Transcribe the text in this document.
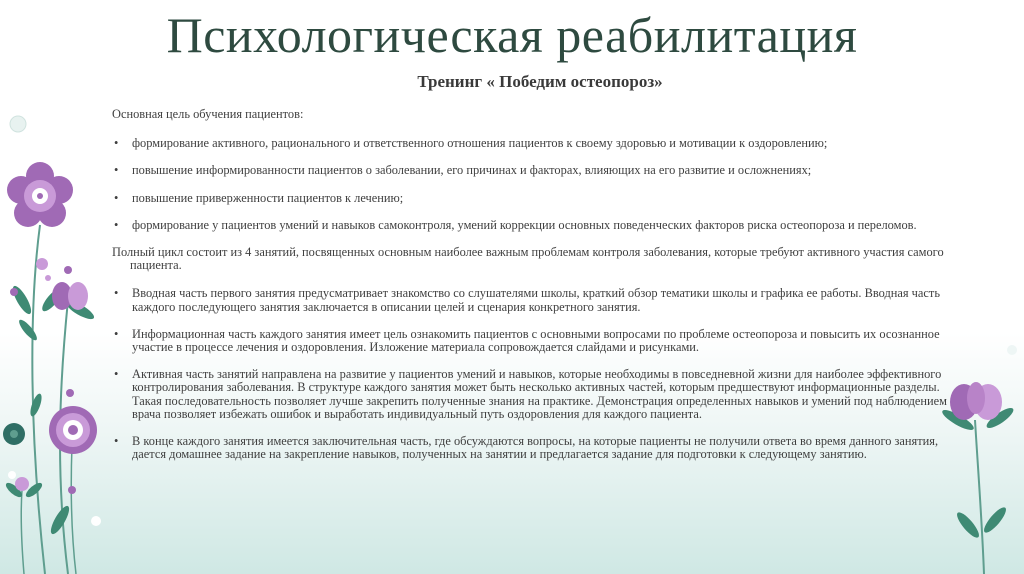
Психологическая реабилитация
Тренинг « Победим остеопороз»

Основная цель обучения пациентов:

•	формирование активного, рационального и ответственного отношения пациентов к своему здоровью и мотивации к оздоровлению;
•	повышение информированности пациентов о заболевании, его причинах и факторах, влияющих на его развитие и осложнениях;
•	повышение приверженности пациентов к лечению;
•	формирование у пациентов умений и навыков самоконтроля, умений коррекции основных поведенческих факторов риска остеопороза и переломов.

Полный цикл состоит из 4 занятий, посвященных основным наиболее важным проблемам контроля заболевания, которые требуют активного участия самого пациента.

•	Вводная часть первого занятия предусматривает знакомство со слушателями школы, краткий обзор тематики школы и графика ее работы. Вводная часть каждого последующего занятия заключается в описании целей и сценария конкретного занятия.
•	Информационная часть каждого занятия имеет цель ознакомить пациентов с основными вопросами по проблеме остеопороза и повысить их осознанное участие в процессе лечения и оздоровления. Изложение материала сопровождается слайдами и рисунками.
•	Активная часть занятий направлена на развитие у пациентов умений и навыков, которые необходимы в повседневной жизни для наиболее эффективного контролирования заболевания. В структуре каждого занятия может быть несколько активных частей, которым предшествуют информационные разделы. Такая последовательность позволяет лучше закрепить полученные знания на практике. Демонстрация определенных навыков и умений под наблюдением врача позволяет избежать ошибок и выработать индивидуальный путь оздоровления для каждого пациента.
•	В конце каждого занятия имеется заключительная часть, где обсуждаются вопросы, на которые пациенты не получили ответа во время данного занятия, дается домашнее задание на закрепление навыков, полученных на занятии и предлагается задание для подготовки к следующему занятию.
